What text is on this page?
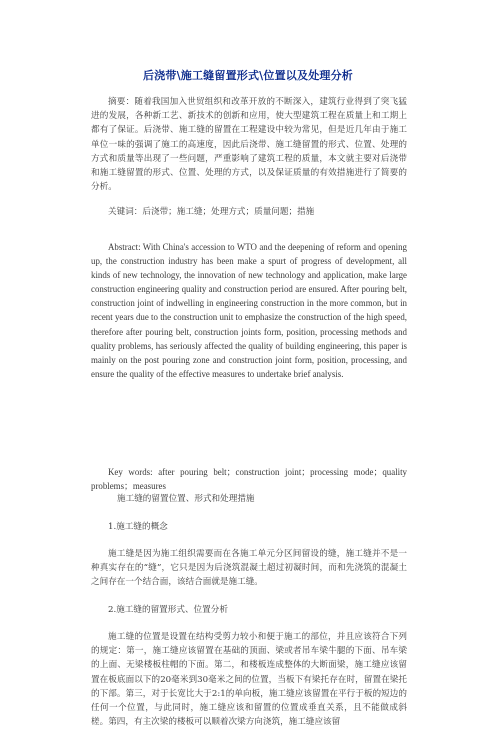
后浇带\施工缝留置形式\位置以及处理分析

摘要：随着我国加入世贸组织和改革开放的不断深入，建筑行业得到了突飞猛进的发展，各种新工艺、新技术的创新和应用，使大型建筑工程在质量上和工期上都有了保证。后浇带、施工缝的留置在工程建设中较为常见，但是近几年由于施工单位一味的强调了施工的高速度，因此后浇带、施工缝留置的形式、位置、处理的方式和质量等出现了一些问题，严重影响了建筑工程的质量，本文就主要对后浇带和施工缝留置的形式、位置、处理的方式，以及保证质量的有效措施进行了简要的分析。

关键词：后浇带；施工缝；处理方式；质量问题；措施

Abstract: With China's accession to WTO and the deepening of reform and opening up, the construction industry has been make a spurt of progress of development, all kinds of new technology, the innovation of new technology and application, make large construction engineering quality and construction period are ensured. After pouring belt, construction joint of indwelling in engineering construction in the more common, but in recent years due to the construction unit to emphasize the construction of the high speed, therefore after pouring belt, construction joints form, position, processing methods and quality problems, has seriously affected the quality of building engineering, this paper is mainly on the post pouring zone and construction joint form, position, processing, and ensure the quality of the effective measures to undertake brief analysis.

Key words: after pouring belt；construction joint；processing mode；quality problems；measures

施工缝的留置位置、形式和处理措施
1.施工缝的概念

施工缝是因为施工组织需要而在各施工单元分区间留设的缝，施工缝并不是一种真实存在的“缝”，它只是因为后浇筑混凝土超过初凝时间，而和先浇筑的混凝土之间存在一个结合面，该结合面就是施工缝。

2.施工缝的留置形式、位置分析

施工缝的位置是设置在结构受剪力较小和便于施工的部位，并且应该符合下列的规定：第一，施工缝应该留置在基础的顶面、梁或者吊车梁牛腿的下面、吊车梁的上面、无梁楼板柱帽的下面。第二，和楼板连成整体的大断面梁，施工缝应该留置在板底面以下的20毫米到30毫米之间的位置，当板下有梁托存在时，留置在梁托的下部。第三，对于长宽比大于2:1的单向板，施工缝应该留置在平行于板的短边的任何一个位置，与此同时，施工缝应该和留置的位置成垂直关系，且不能做成斜槎。第四，有主次梁的楼板可以顺着次梁方向浇筑，施工缝应该留
